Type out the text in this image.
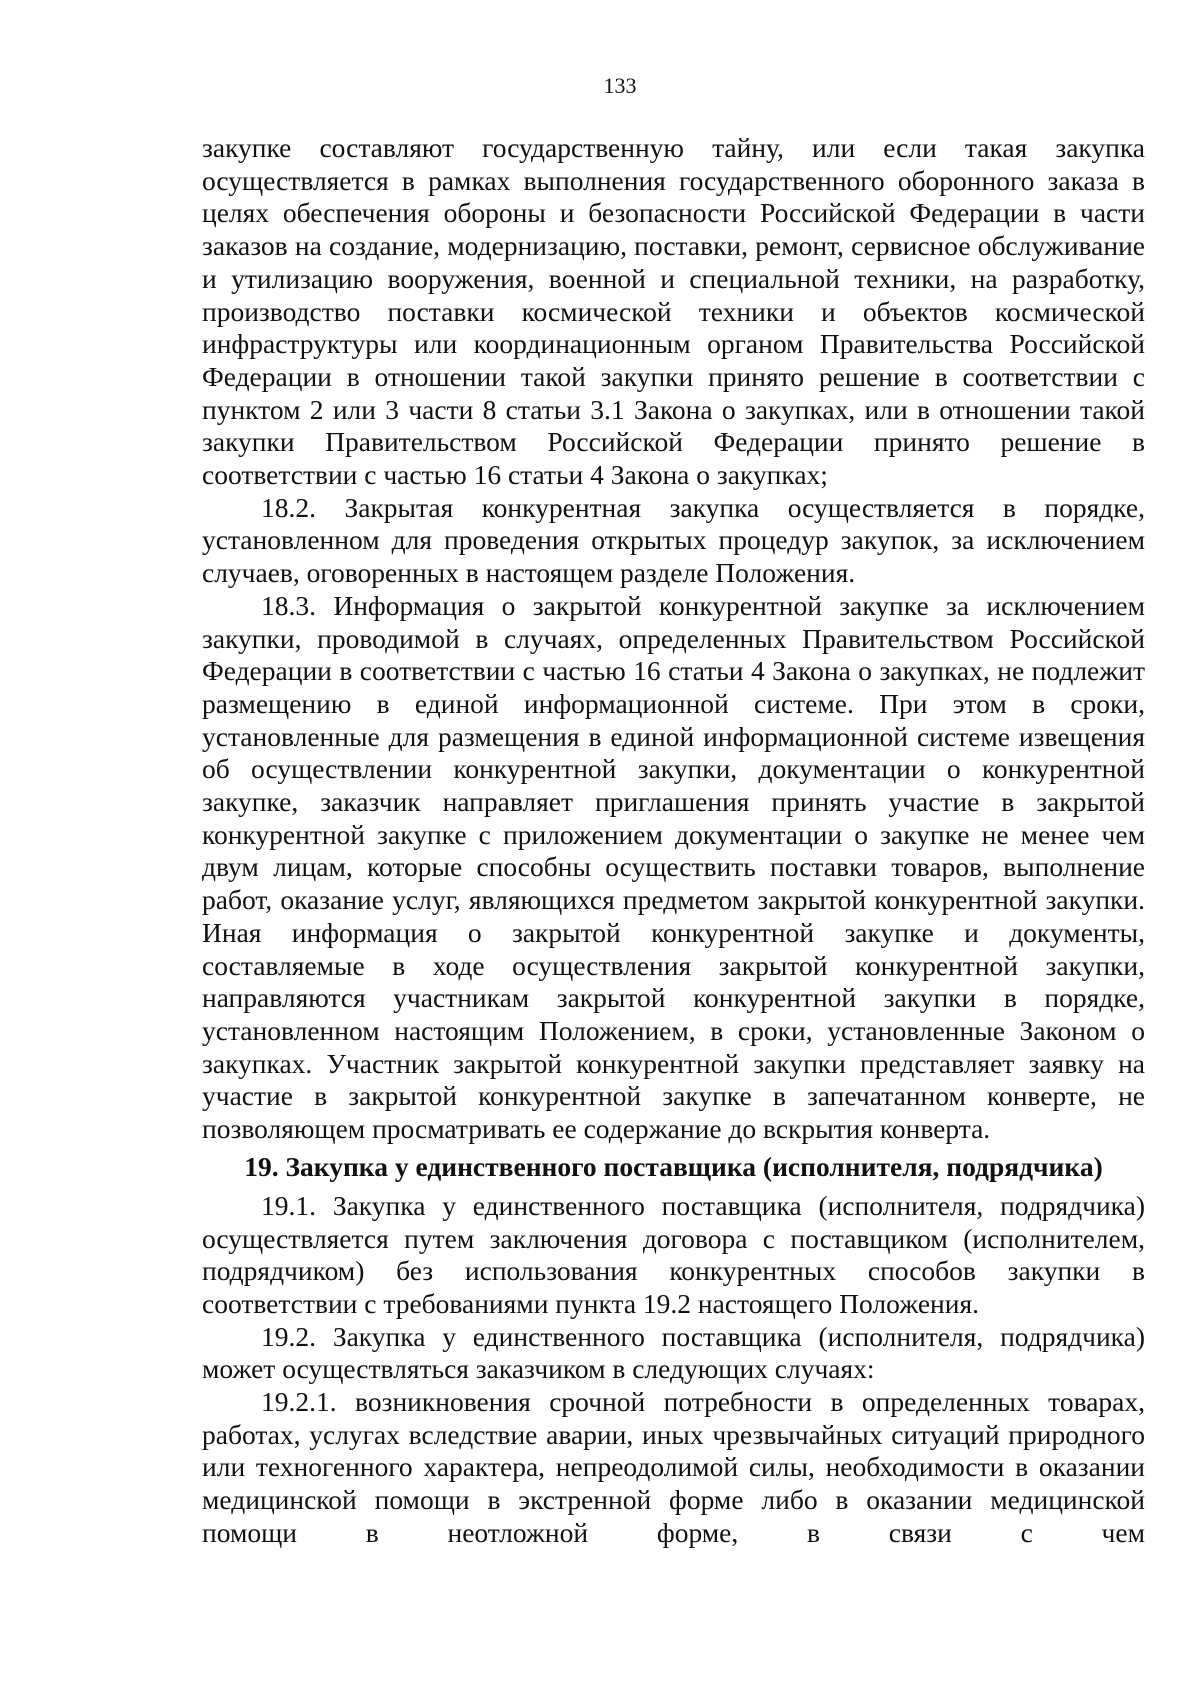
133

закупке составляют государственную тайну, или если такая закупка осуществляется в рамках выполнения государственного оборонного заказа в целях обеспечения обороны и безопасности Российской Федерации в части заказов на создание, модернизацию, поставки, ремонт, сервисное обслуживание и утилизацию вооружения, военной и специальной техники, на разработку, производство поставки космической техники и объектов космической инфраструктуры или координационным органом Правительства Российской Федерации в отношении такой закупки принято решение в соответствии с пунктом 2 или 3 части 8 статьи 3.1 Закона о закупках, или в отношении такой закупки Правительством Российской Федерации принято решение в соответствии с частью 16 статьи 4 Закона о закупках;

18.2. Закрытая конкурентная закупка осуществляется в порядке, установленном для проведения открытых процедур закупок, за исключением случаев, оговоренных в настоящем разделе Положения.

18.3. Информация о закрытой конкурентной закупке за исключением закупки, проводимой в случаях, определенных Правительством Российской Федерации в соответствии с частью 16 статьи 4 Закона о закупках, не подлежит размещению в единой информационной системе. При этом в сроки, установленные для размещения в единой информационной системе извещения об осуществлении конкурентной закупки, документации о конкурентной закупке, заказчик направляет приглашения принять участие в закрытой конкурентной закупке с приложением документации о закупке не менее чем двум лицам, которые способны осуществить поставки товаров, выполнение работ, оказание услуг, являющихся предметом закрытой конкурентной закупки. Иная информация о закрытой конкурентной закупке и документы, составляемые в ходе осуществления закрытой конкурентной закупки, направляются участникам закрытой конкурентной закупки в порядке, установленном настоящим Положением, в сроки, установленные Законом о закупках. Участник закрытой конкурентной закупки представляет заявку на участие в закрытой конкурентной закупке в запечатанном конверте, не позволяющем просматривать ее содержание до вскрытия конверта.

19. Закупка у единственного поставщика (исполнителя, подрядчика)

19.1. Закупка у единственного поставщика (исполнителя, подрядчика) осуществляется путем заключения договора с поставщиком (исполнителем, подрядчиком) без использования конкурентных способов закупки в соответствии с требованиями пункта 19.2 настоящего Положения.

19.2. Закупка у единственного поставщика (исполнителя, подрядчика) может осуществляться заказчиком в следующих случаях:

19.2.1. возникновения срочной потребности в определенных товарах, работах, услугах вследствие аварии, иных чрезвычайных ситуаций природного или техногенного характера, непреодолимой силы, необходимости в оказании медицинской помощи в экстренной форме либо в оказании медицинской помощи в неотложной форме, в связи с чем
